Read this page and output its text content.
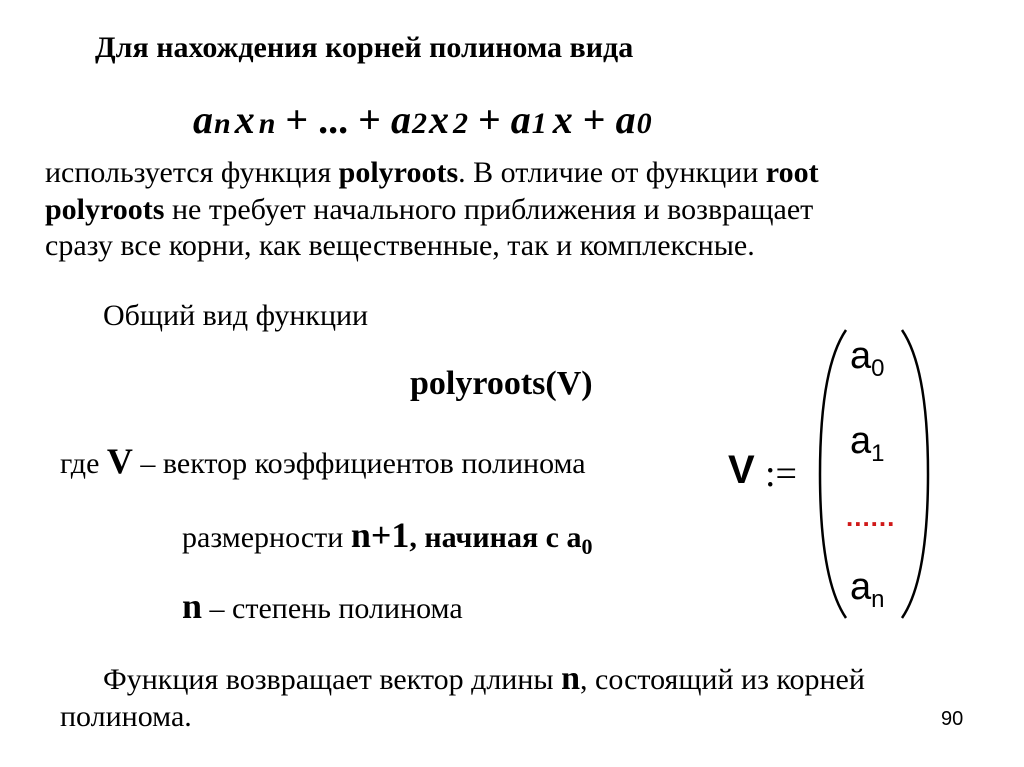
Для нахождения корней полинома вида
a n x n + ... + a 2 x 2 + a 1 x + a 0
используется функция polyroots. В отличие от функции root
polyroots не требует начального приближения и возвращает
сразу все корни, как вещественные, так и комплексные.
Общий вид функции
polyroots(V)
где V – вектор коэффициентов полинома
размерности n+1, начиная с $a_0$
n – степень полинома
Функция возвращает вектор длины n, состоящий из корней
полинома.
V :=
$a_0$
$a_1$
......
$a_n$
90
